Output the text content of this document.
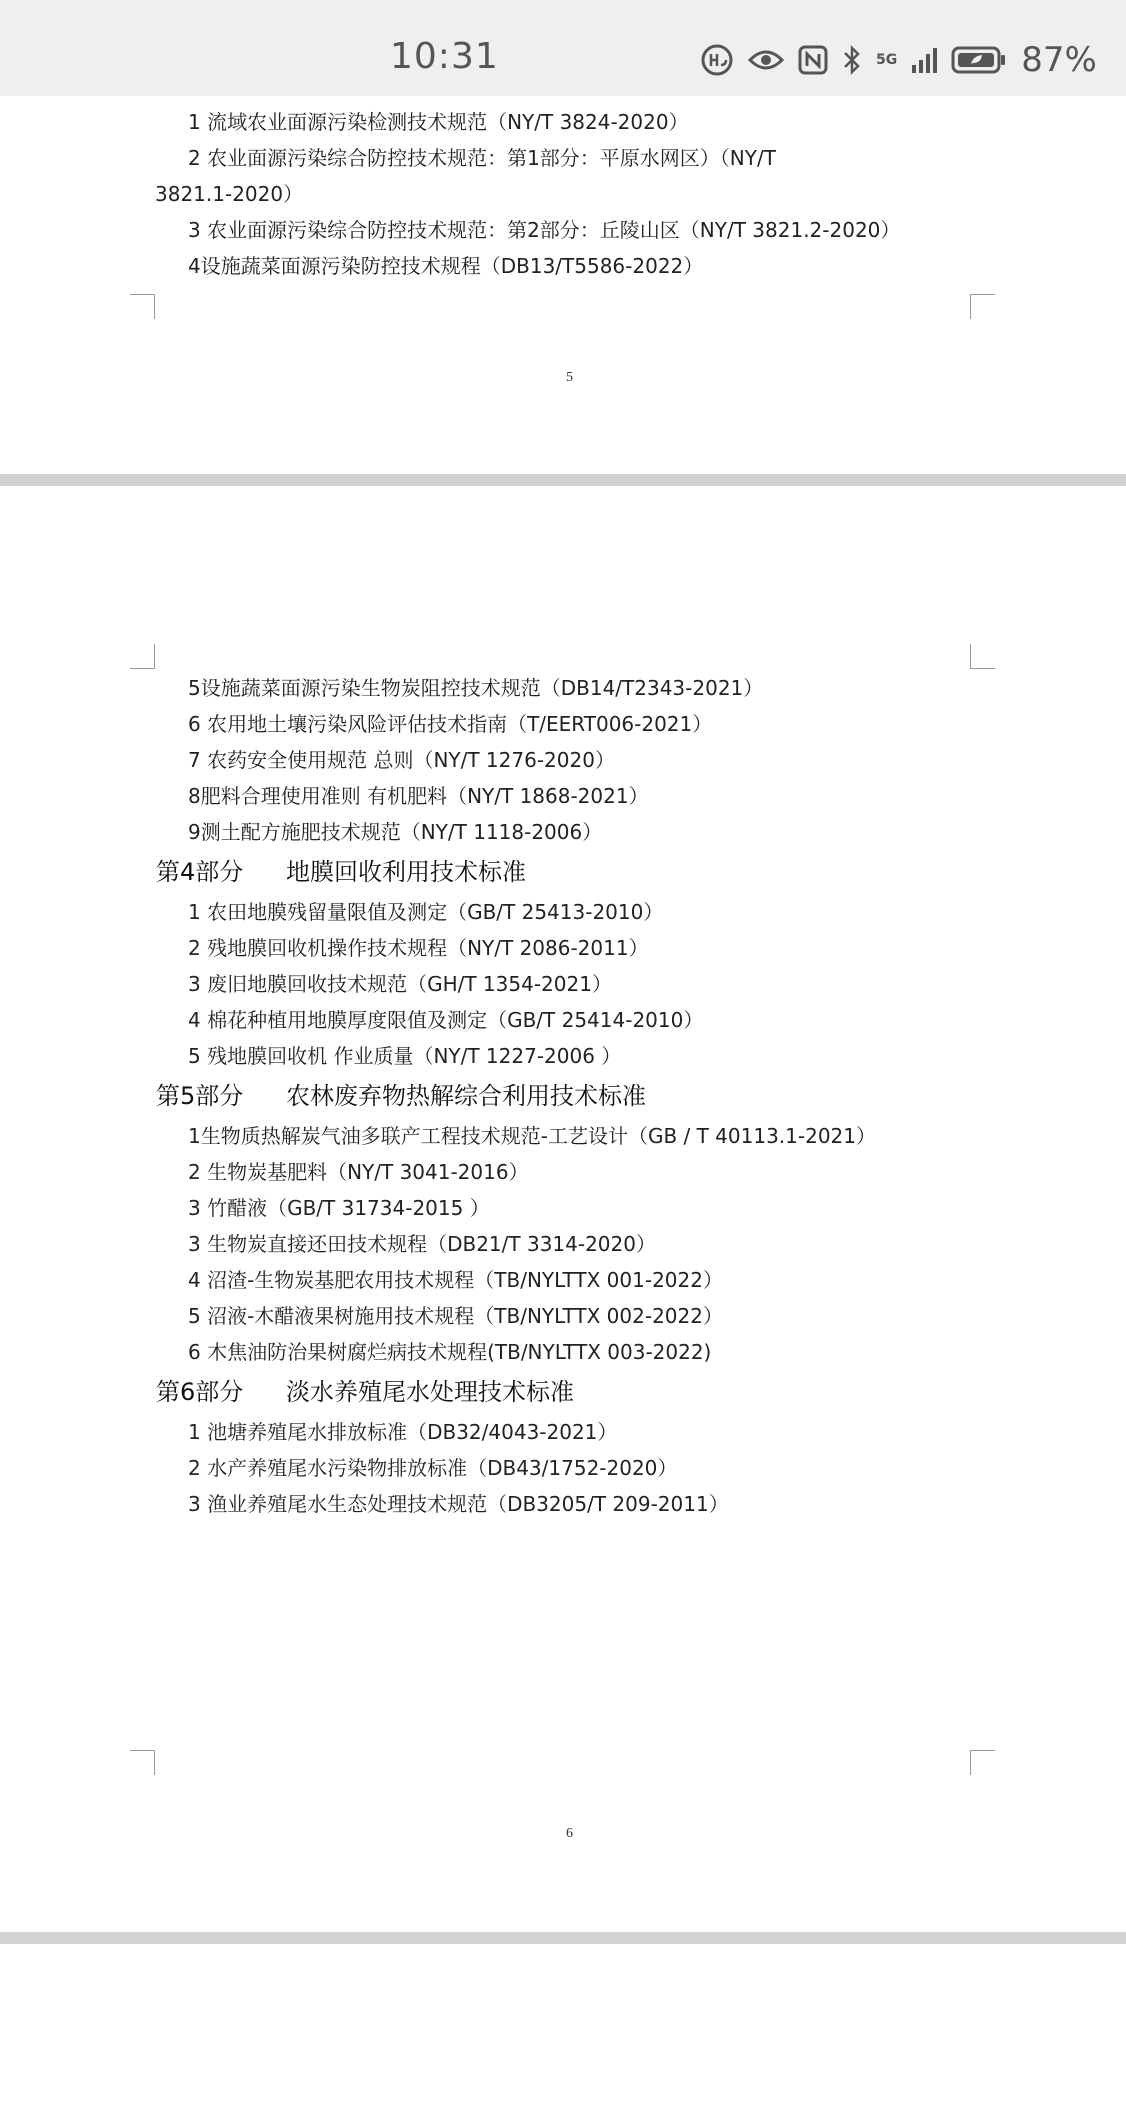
10:31	5G	87%
1 流域农业面源污染检测技术规范（NY/T 3824-2020）
2 农业面源污染综合防控技术规范：第1部分：平原水网区）（NY/T
3821.1-2020）
3 农业面源污染综合防控技术规范：第2部分：丘陵山区（NY/T 3821.2-2020）
4设施蔬菜面源污染防控技术规程（DB13/T5586-2022）
5
5设施蔬菜面源污染生物炭阻控技术规范（DB14/T2343-2021）
6 农用地土壤污染风险评估技术指南（T/EERT006-2021）
7 农药安全使用规范 总则（NY/T 1276-2020）
8肥料合理使用准则 有机肥料（NY/T 1868-2021）
9测土配方施肥技术规范（NY/T 1118-2006）
第4部分 地膜回收利用技术标准
1 农田地膜残留量限值及测定（GB/T 25413-2010）
2 残地膜回收机操作技术规程（NY/T 2086-2011）
3 废旧地膜回收技术规范（GH/T 1354-2021）
4 棉花种植用地膜厚度限值及测定（GB/T 25414-2010）
5 残地膜回收机 作业质量（NY/T 1227-2006 ）
第5部分 农林废弃物热解综合利用技术标准
1生物质热解炭气油多联产工程技术规范-工艺设计（GB / T 40113.1-2021）
2 生物炭基肥料（NY/T 3041-2016）
3 竹醋液（GB/T 31734-2015 ）
3 生物炭直接还田技术规程（DB21/T 3314-2020）
4 沼渣-生物炭基肥农用技术规程（TB/NYLTTX 001-2022）
5 沼液-木醋液果树施用技术规程（TB/NYLTTX 002-2022）
6 木焦油防治果树腐烂病技术规程(TB/NYLTTX 003-2022)
第6部分 淡水养殖尾水处理技术标准
1 池塘养殖尾水排放标准（DB32/4043-2021）
2 水产养殖尾水污染物排放标准（DB43/1752-2020）
3 渔业养殖尾水生态处理技术规范（DB3205/T 209-2011）
6
